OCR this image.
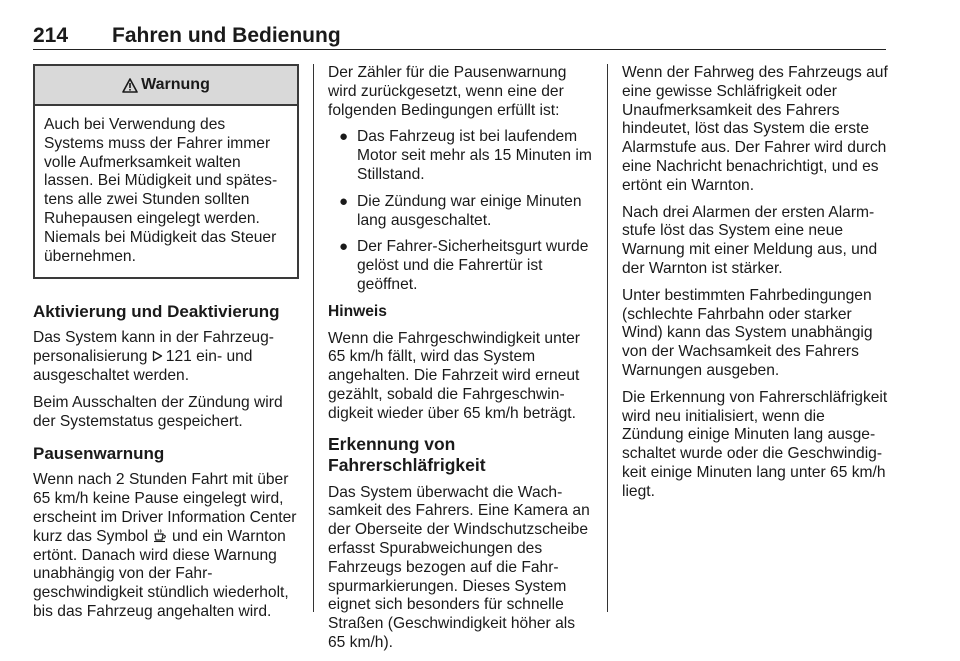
214 Fahren und Bedienung
Warnung
Auch bei Verwendung des Systems muss der Fahrer immer volle Aufmerksamkeit walten lassen. Bei Müdigkeit und spätestens alle zwei Stunden sollten Ruhepausen eingelegt werden. Niemals bei Müdigkeit das Steuer übernehmen.
Aktivierung und Deaktivierung

Das System kann in der Fahrzeugpersonalisierung 121 ein- und ausgeschaltet werden.

Beim Ausschalten der Zündung wird der Systemstatus gespeichert.

Pausenwarnung

Wenn nach 2 Stunden Fahrt mit über 65 km/h keine Pause eingelegt wird, erscheint im Driver Information Center kurz das Symbol  und ein Warnton ertönt. Danach wird diese Warnung unabhängig von der Fahrgeschwindigkeit stündlich wiederholt, bis das Fahrzeug angehalten wird.

Der Zähler für die Pausenwarnung wird zurückgesetzt, wenn eine der folgenden Bedingungen erfüllt ist:

● Das Fahrzeug ist bei laufendem Motor seit mehr als 15 Minuten im Stillstand.
● Die Zündung war einige Minuten lang ausgeschaltet.
● Der Fahrer-Sicherheitsgurt wurde gelöst und die Fahrertür ist geöffnet.

Hinweis

Wenn die Fahrgeschwindigkeit unter 65 km/h fällt, wird das System angehalten. Die Fahrzeit wird erneut gezählt, sobald die Fahrgeschwindigkeit wieder über 65 km/h beträgt.

Erkennung von
Fahrerschläfrigkeit

Das System überwacht die Wachsamkeit des Fahrers. Eine Kamera an der Oberseite der Windschutzscheibe erfasst Spurabweichungen des Fahrzeugs bezogen auf die Fahrspurmarkierungen. Dieses System eignet sich besonders für schnelle Straßen (Geschwindigkeit höher als 65 km/h).

Wenn der Fahrweg des Fahrzeugs auf eine gewisse Schläfrigkeit oder Unaufmerksamkeit des Fahrers hindeutet, löst das System die erste Alarmstufe aus. Der Fahrer wird durch eine Nachricht benachrichtigt, und es ertönt ein Warnton.

Nach drei Alarmen der ersten Alarmstufe löst das System eine neue Warnung mit einer Meldung aus, und der Warnton ist stärker.

Unter bestimmten Fahrbedingungen (schlechte Fahrbahn oder starker Wind) kann das System unabhängig von der Wachsamkeit des Fahrers Warnungen ausgeben.

Die Erkennung von Fahrerschläfrigkeit wird neu initialisiert, wenn die Zündung einige Minuten lang ausgeschaltet wurde oder die Geschwindigkeit einige Minuten lang unter 65 km/h liegt.
